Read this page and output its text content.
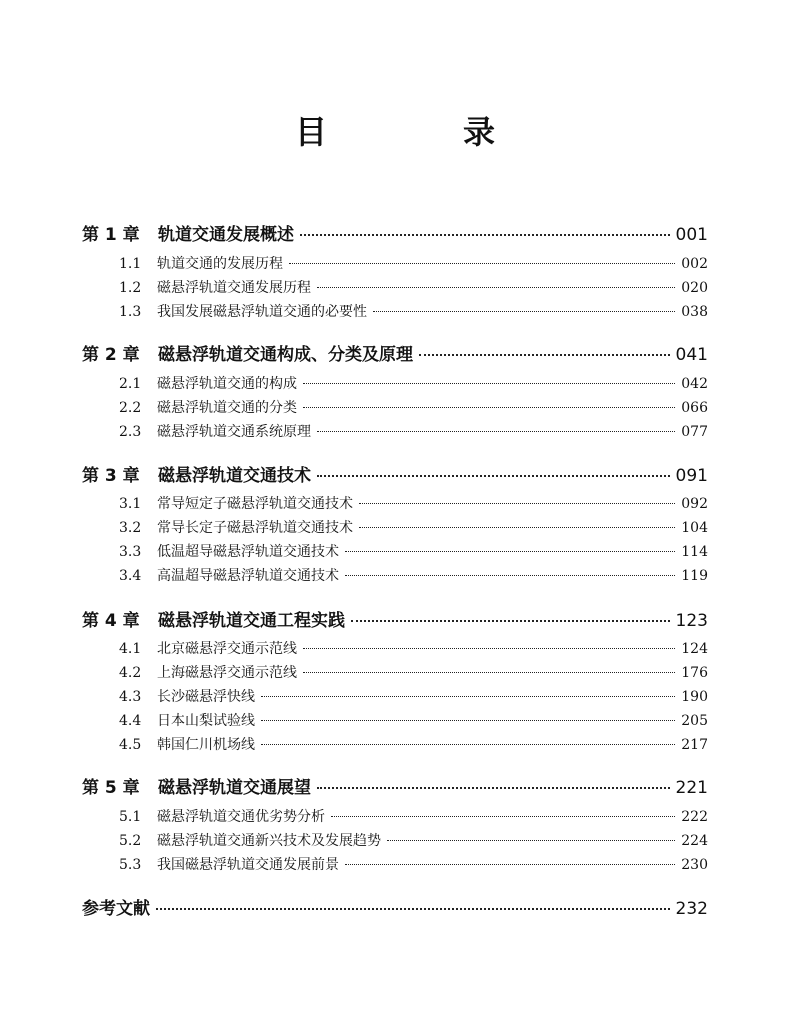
目　录
第 1 章	轨道交通发展概述	001
1.1	轨道交通的发展历程	002
1.2	磁悬浮轨道交通发展历程	020
1.3	我国发展磁悬浮轨道交通的必要性	038
第 2 章	磁悬浮轨道交通构成、分类及原理	041
2.1	磁悬浮轨道交通的构成	042
2.2	磁悬浮轨道交通的分类	066
2.3	磁悬浮轨道交通系统原理	077
第 3 章	磁悬浮轨道交通技术	091
3.1	常导短定子磁悬浮轨道交通技术	092
3.2	常导长定子磁悬浮轨道交通技术	104
3.3	低温超导磁悬浮轨道交通技术	114
3.4	高温超导磁悬浮轨道交通技术	119
第 4 章	磁悬浮轨道交通工程实践	123
4.1	北京磁悬浮交通示范线	124
4.2	上海磁悬浮交通示范线	176
4.3	长沙磁悬浮快线	190
4.4	日本山梨试验线	205
4.5	韩国仁川机场线	217
第 5 章	磁悬浮轨道交通展望	221
5.1	磁悬浮轨道交通优劣势分析	222
5.2	磁悬浮轨道交通新兴技术及发展趋势	224
5.3	我国磁悬浮轨道交通发展前景	230
参考文献	232
